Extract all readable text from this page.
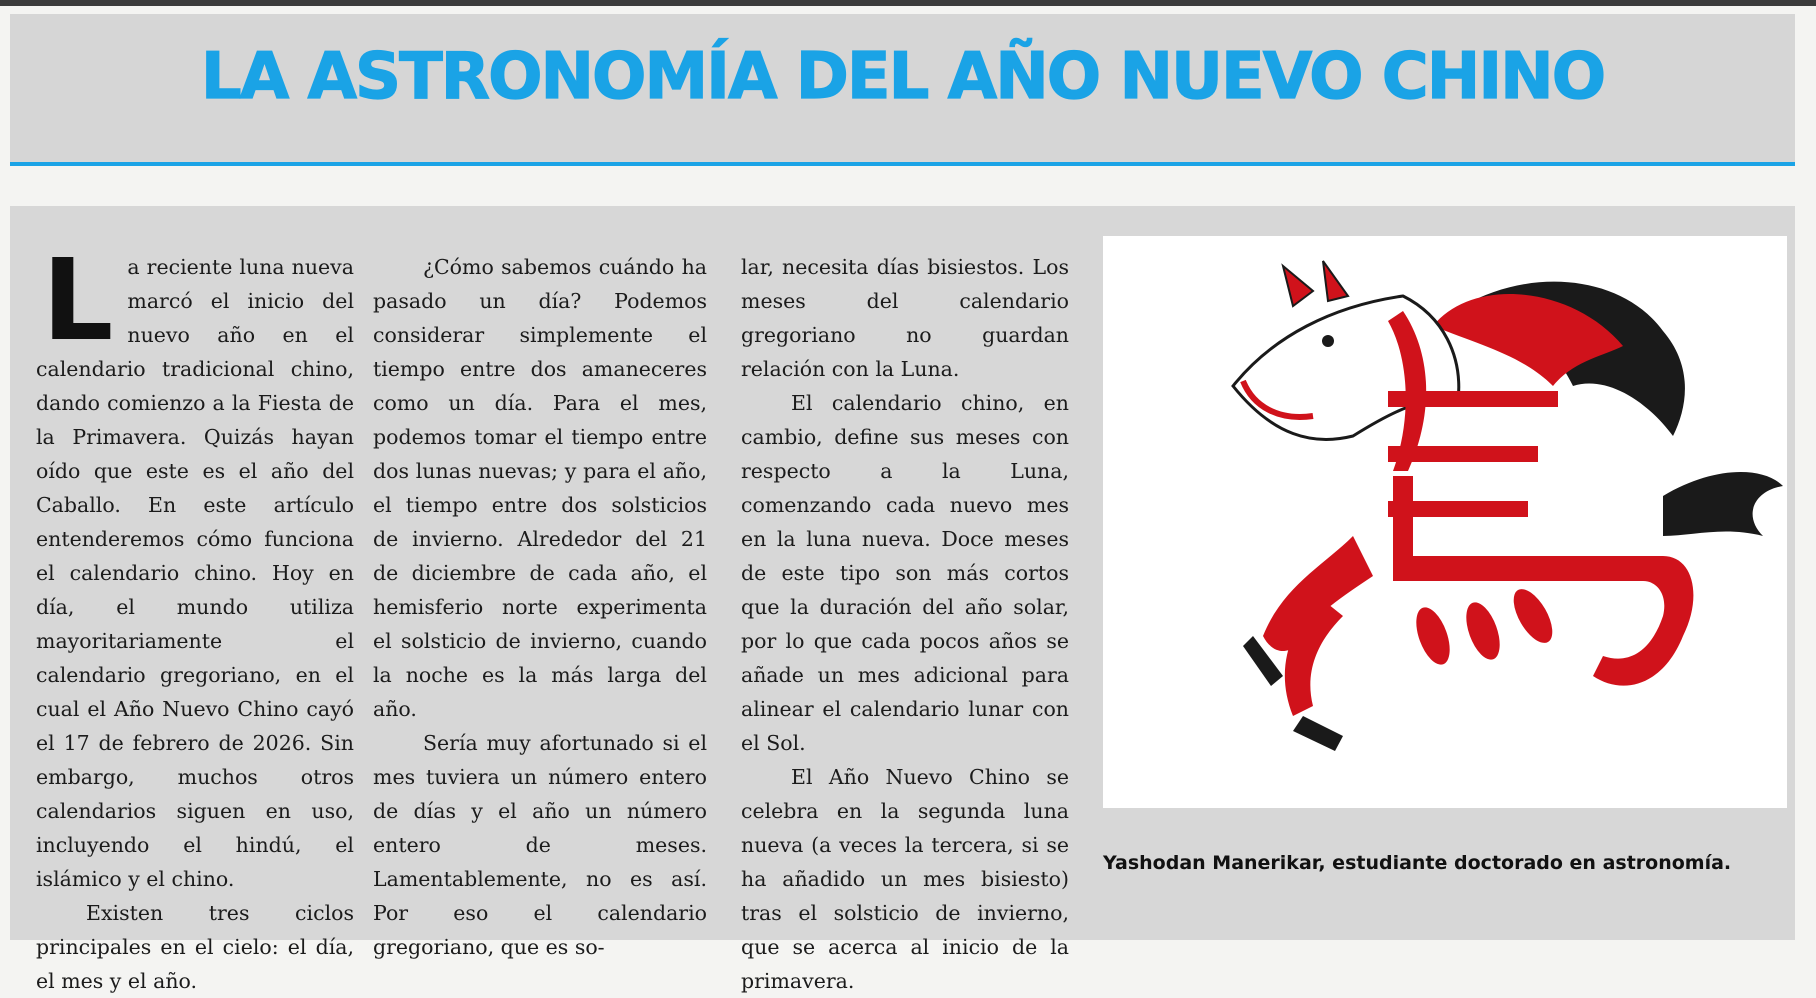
LA ASTRONOMÍA DEL AÑO NUEVO CHINO
L a reciente luna nueva marcó el inicio del nuevo año en el calendario tradicional chino, dando comienzo a la Fiesta de la Primavera. Quizás hayan oído que este es el año del Caballo. En este artículo entenderemos cómo funciona el calendario chino. Hoy en día, el mundo utiliza mayoritariamente el calendario gregoriano, en el cual el Año Nuevo Chino cayó el 17 de febrero de 2026. Sin embargo, muchos otros calendarios siguen en uso, incluyendo el hindú, el islámico y el chino.

Existen tres ciclos principales en el cielo: el día, el mes y el año.

¿Cómo sabemos cuándo ha pasado un día? Podemos considerar simplemente el tiempo entre dos amaneceres como un día. Para el mes, podemos tomar el tiempo entre dos lunas nuevas; y para el año, el tiempo entre dos solsticios de invierno. Alrededor del 21 de diciembre de cada año, el hemisferio norte experimenta el solsticio de invierno, cuando la noche es la más larga del año.

Sería muy afortunado si el mes tuviera un número entero de días y el año un número entero de meses. Lamentablemente, no es así. Por eso el calendario gregoriano, que es so-

lar, necesita días bisiestos. Los meses del calendario gregoriano no guardan relación con la Luna.

El calendario chino, en cambio, define sus meses con respecto a la Luna, comenzando cada nuevo mes en la luna nueva. Doce meses de este tipo son más cortos que la duración del año solar, por lo que cada pocos años se añade un mes adicional para alinear el calendario lunar con el Sol.

El Año Nuevo Chino se celebra en la segunda luna nueva (a veces la tercera, si se ha añadido un mes bisiesto) tras el solsticio de invierno, que se acerca al inicio de la primavera.

Yashodan Manerikar, estudiante doctorado en astronomía.
